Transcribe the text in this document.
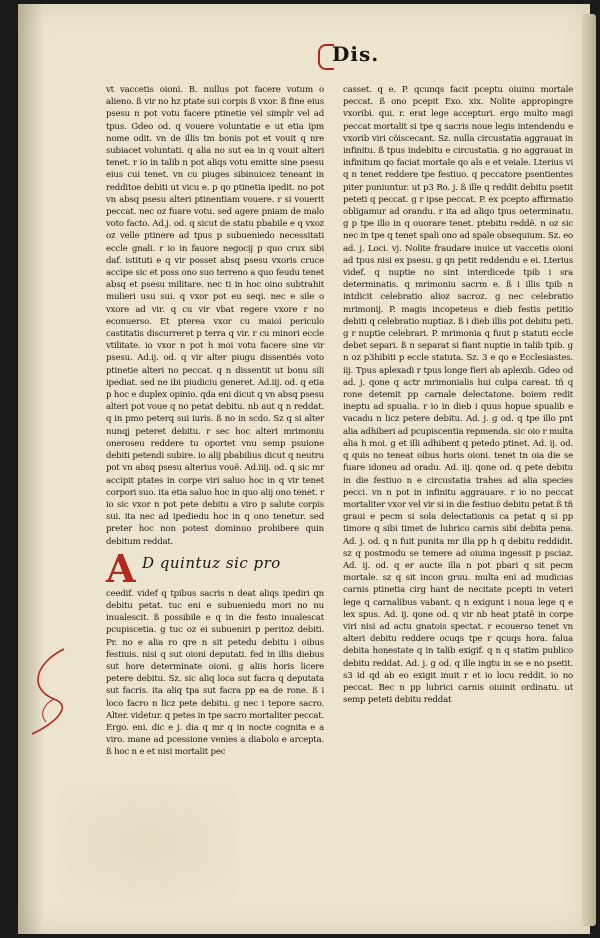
Dis.
vt vaccetis oioni. B. nullus pot facere votum o alieno. ß vir no hz ptate sui corpis ß vxor. ß fine eius psesu n pot votu facere ptinetie vel simplr vel ad tpus. Gdeo od. q vouere voluntatie e ut etia ipm nome odit. vn de illis tm bonis pot et vouit q nre subiacet voluntati. q alia no sut ea in q vouit alteri tenet. r io in talib n pot aliqs votu emitte sine psesu eius cui tenet. vn cu piuges sibinuicez teneant in redditoe debiti ut vicu e. p qo ptinetia ipedit. no pot vn absq psesu alteri ptinentiam vouere. r si vouerit peccat. nec oz fuare votu. sed agere pniam de malo voto facto. Ad.j. od. q sicut de statu pbabile e q vxoz oz velle ptinere ad tpus p subueniedo necessitati eccle gnali. r io in fauore negocij p quo crux sibi daf. istituti e q vir posset absq psesu vxoris cruce accipe sic et poss ono suo terreno a quo feudu tenet absq et psesu militare. nec ti in hoc oino subtrahit mulieri usu sui. q vxor pot eu seqi. nec e sile o vxore ad vir. q cu vir vbat regere vxore r no econuerso. Et pterea vxor cu maioi periculo castitatis discurreret p terra q vir. r cu minori eccle vtilitate. io vxor n pot h moi votu facere sine vir psesu. Ad.ij. od. q vir alter piugu dissentiés voto ptinetie alteri no peccat. q n dissentit ut bonu sili ipediat. sed ne ibi piudiciu generet. Ad.iij. od. q etia p hoc e duplex opinio. qda eni dicut q vn absq psesu alteri pot voue q no petat debitu. nb aut q n reddat. q in pmo peterq sui iuris. ß no in scdo. Sz q si alter nunqj peteret debitu. r sec hoc alteri mrimoniu oneroseu reddere tu oportet vnu semp psuione debiti petendi subire. io alij pbabilius dicut q neutru pot vn absq psesu alterius vouë. Ad.iiij. od. q sic mr accipit ptates in corpe viri saluo hoc in q vir tenet corpori suo. ita etia saluo hoc in quo alij ono tenet. r io sic vxor n pot pete debitu a viro p salute corpis sui. ita nec ad ipediedu hoc in q ono tenetur. sed preter hoc non potest dominuo probibere quin debitum reddat.
A D quintuz sic pro
ceedif. videf q tpibus sacris n deat aliqs ipediri qn debitu petat. tuc eni e subueniedu mori no nu inualescit. ß possibile e q in die festo inualescat pcupiscetia. g tuc oz ei subueniri p peritoz debiti. Pr. no e alia ro qre n sit petedu debitu i oibus festiuis. nisi q sut oioni deputati. fed in illis diebus sut hore determinate oioni. g aliis horis licere petere debitu. Sz. sic aliq loca sut facra q deputata sut facris. ita aliq tpa sut facra pp ea de rone. ß i loco facro n licz pete debitu. g nec i tepore sacro. Alter. videtur. q petes in tpe sacro mortaliter peccat. Ergo. eni. dic e j. dia q mr q in nocte cognita e a viro. mane ad pcessione venies a diabolo e arcepta. ß hoc n e et nisi mortalit pec
casset. q e. P. qcunqs facit pceptu oiuinu mortale peccat. ß ono pcepit Exo. xix. Nolite appropingre vxoribi. qui. r. erat lege accepturi. ergo multo magi peccat mortalit si tpe q sacris noue legis intendendu e vxorib viri cöiscecant. Sz. nulla circustatia aggrauat in infinitu. ß tpus indebitu e circustatia. g no aggrauat in infinitum qo faciat mortale qo als e et veiale. Lterius vi q n tenet reddere tpe festiuo. q peccatore psentientes piter puniuntur. ut p3 Ro. j. ß ille q reddit debitu psetit peteti q peccat. g r ipse peccat. P. ex pcepto affirmatio obligamur ad orandu. r ita ad aliqo tpus oeterminatu. g p tpe illo in q ouorare tenet. ptebitu reddë. n oz sic nec in tpe q tenet spali ono ad spale obsequium. Sz. eo ad. j. Loci. vj. Nolite fraudare inuice ut vaccetis oioni ad tpus nisi ex psesu. g qn petit reddendu e ei. Lterius videf. q nuptie no sint interdicede tpib i sra determinatis. q mrimoniu sacrm e. ß i illis tpib n intdicit celebratio alioz sacroz. g nec celebratio mrimonij. P. magis incopeteus e dieb festis petitio debiti q celebratio nuptiaz. ß i dieb illis pot debitu peti. g r nuptie celebrari. P. mrimonia q fuut p statuti eccle debet separi. ß n separat si fiant nuptie in talib tpib. g n oz p3hibiti p eccle statuta. Sz. 3 e qo e Ecclesiastes. iij. Tpus aplexadi r tpus longe fieri ab aplexib. Gdeo od ad. j. qone q actr mrimonialis hui culpa careat. tñ q rone detemit pp carnale delectatone. boiem redit ineptu ad spualia. r io in dieb i quus hopue spualib e vacadu n licz petere debitu. Ad. j. g od. q tpe illo pnt alia adhiberi ad pcupiscentia repmenda. sic oio r multa alia h moi. g et illi adhibent q petedo ptinet. Ad. ij. od. q quis no teneat oibus horis oioni. tenet tn oia die se fuare idoneu ad oradu. Ad. iij. qone od. q pete debitu in die festiuo n e circustatia trahes ad alia species pecci. vn n pot in infinitu aggrauare. r io no peccat mortaliter vxor vel vir si in die festiuo debitu petat ß tñ graui e pecm si sola delectationis ca petat q si pp timore q sibi timet de lubrico carnis sibi debita pena. Ad. j. od. q n fuit punita mr illa pp h q debitu reddidit. sz q postmodu se temere ad oiuina ingessit p psciaz. Ad. ij. od. q er aucte illa n pot pbari q sit pecm mortale. sz q sit incon gruu. multa eni ad mudicias carnis ptinetia cirg hant de necitate pcepti in veteri lege q carnalibus vabant. q n exigunt i noua lege q e lex spus. Ad. ij. qone od. q vir nb heat ptatë in corpe viri nisi ad actu gnatois spectat. r ecouerso tenet vn alteri debitu reddere ocuqs tpe r qcuqs hora. falua debita honestate q in talib exigif. q n q statim publico debitu reddat. Ad. j. g od. q ille ingtu in se e no psetit. s3 id qd ab eo exigit inuit r et io locu reddit. io no peccat. Bec n pp lubrici carnis oiuinit ordinatu. ut semp peteti debitu reddat
